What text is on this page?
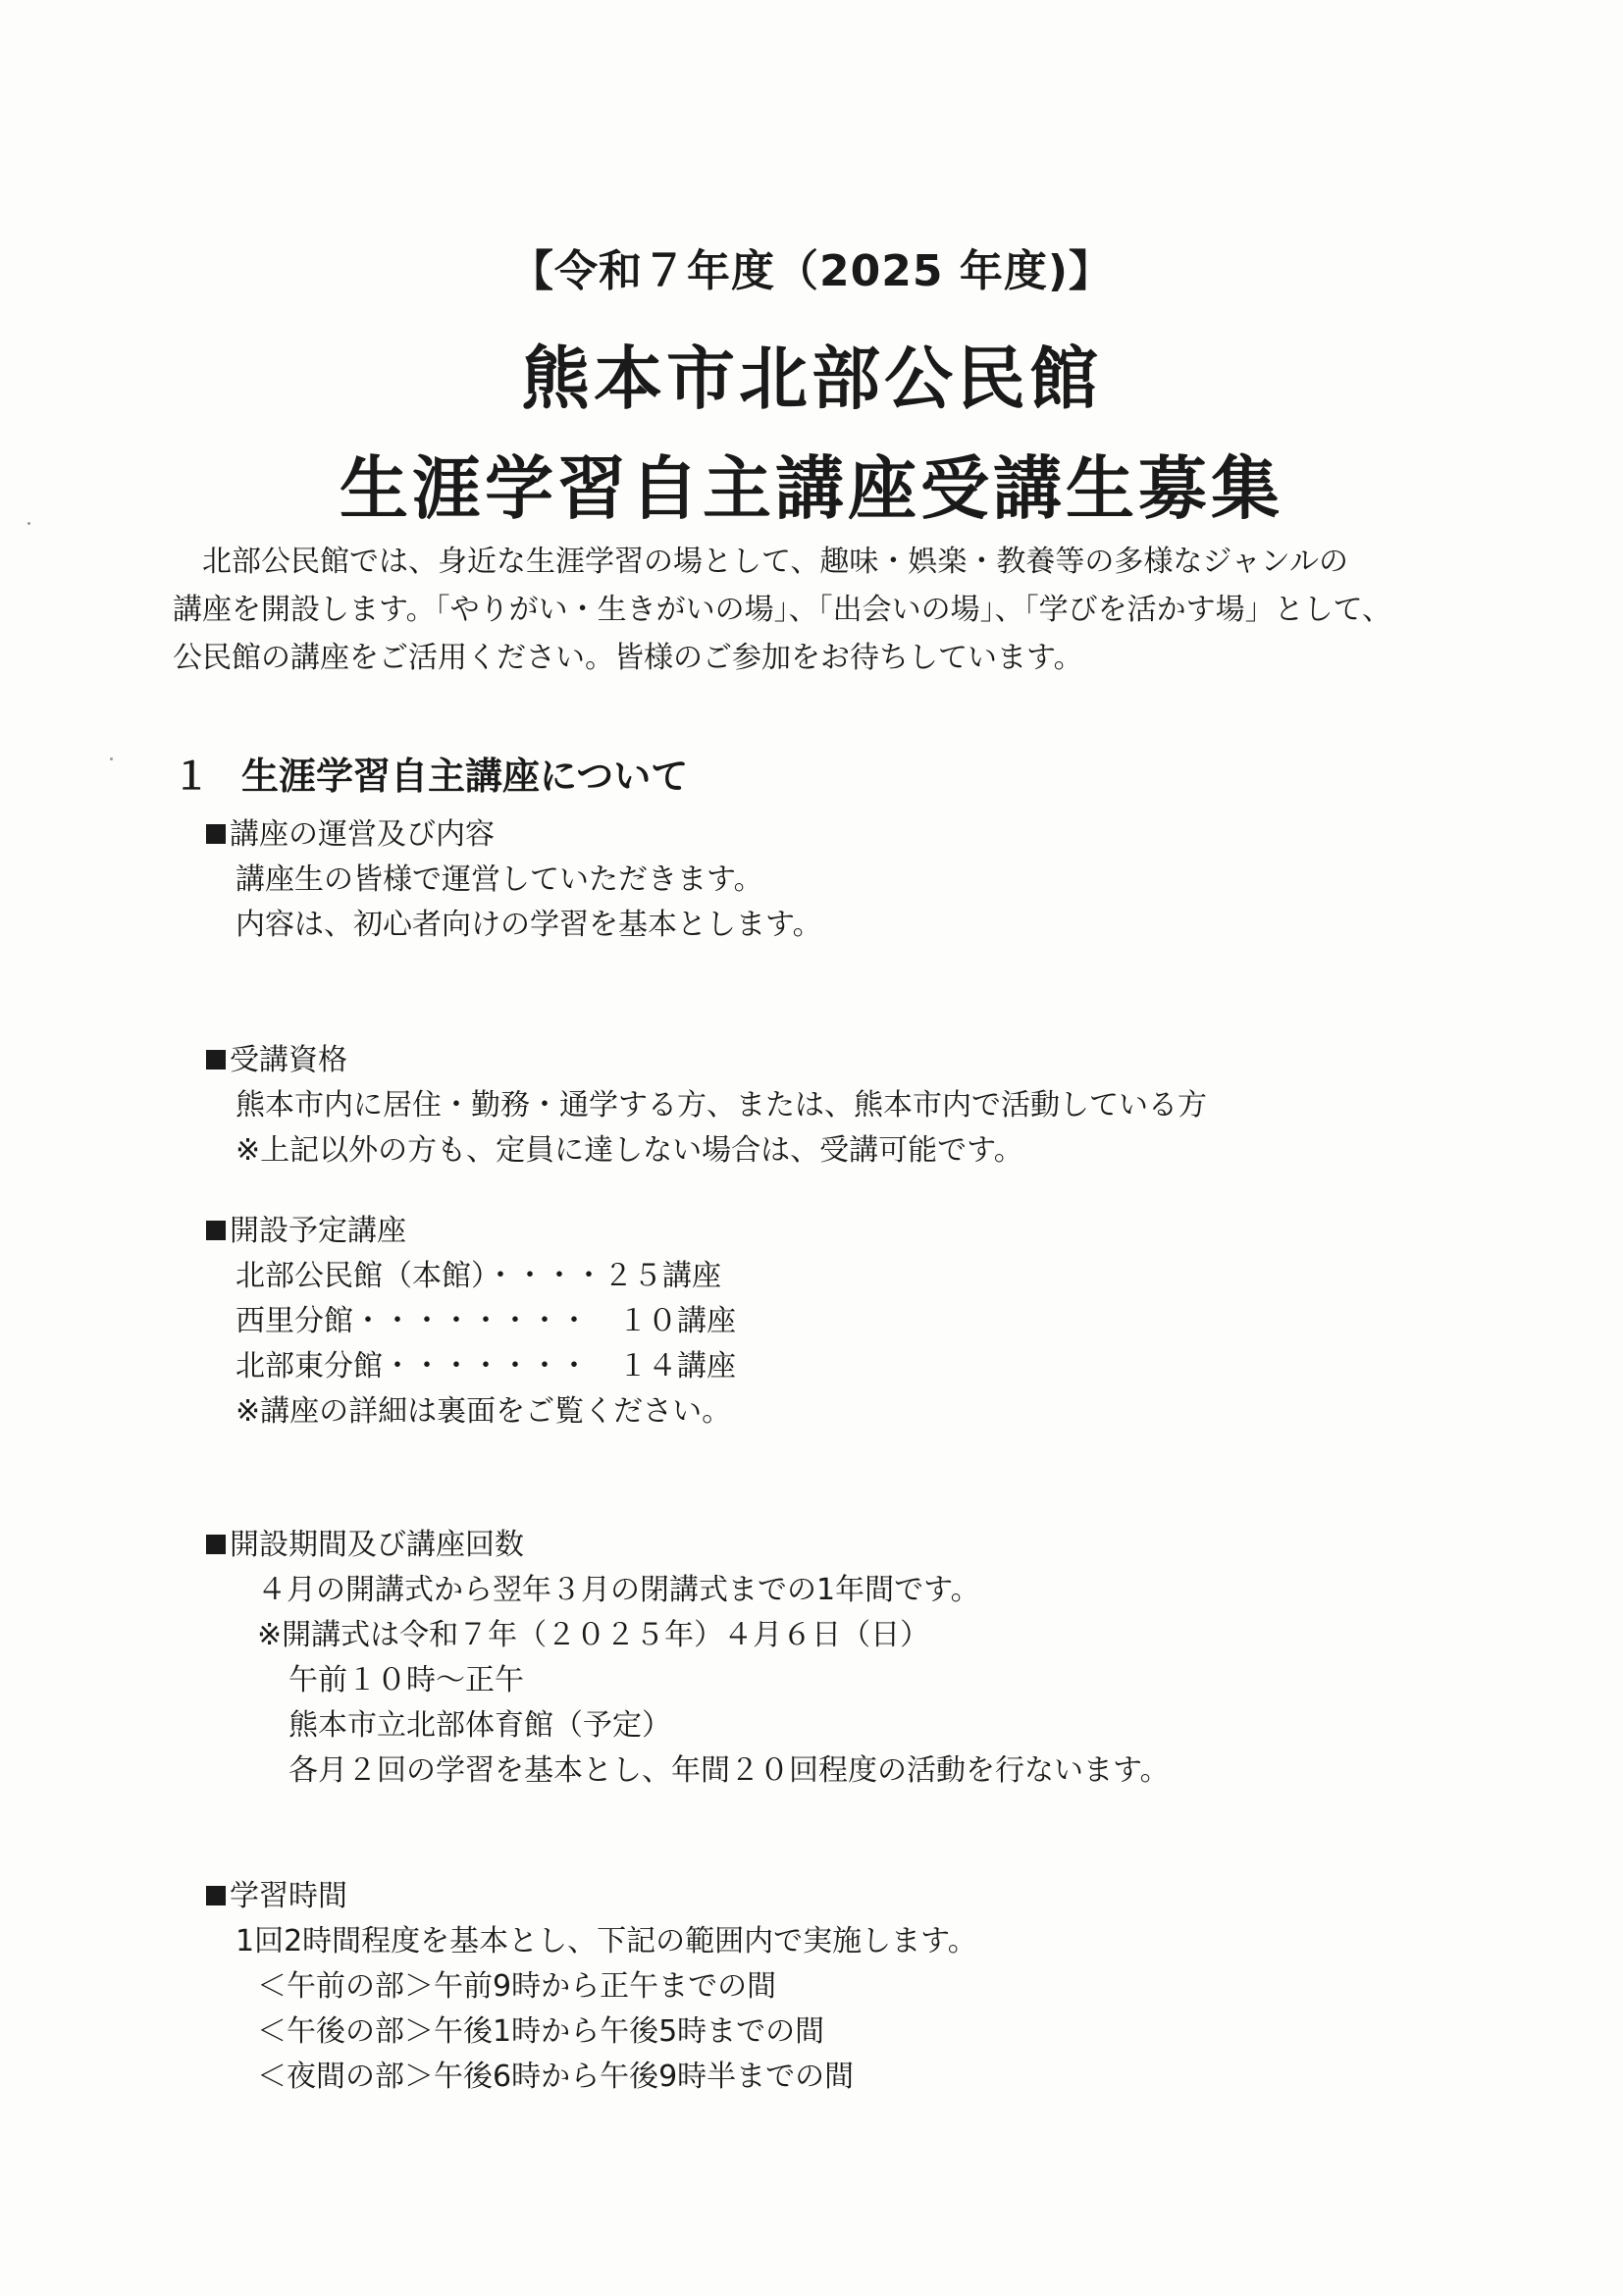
【令和７年度（2025 年度)】
熊本市北部公民館
生涯学習自主講座受講生募集

北部公民館では、身近な生涯学習の場として、趣味・娯楽・教養等の多様なジャンルの

講座を開設します。「やりがい・生きがいの場」、「出会いの場」、「学びを活かす場」として、

公民館の講座をご活用ください。皆様のご参加をお待ちしています。

１ 生涯学習自主講座について
講座の運営及び内容
講座生の皆様で運営していただきます。
内容は、初心者向けの学習を基本とします。
受講資格
熊本市内に居住・勤務・通学する方、または、熊本市内で活動している方
※上記以外の方も、定員に達しない場合は、受講可能です。
開設予定講座
北部公民館（本館）・・・・２５講座
西里分館・・・・・・・・　１０講座
北部東分館・・・・・・・　１４講座
※講座の詳細は裏面をご覧ください。
開設期間及び講座回数
４月の開講式から翌年３月の閉講式までの1年間です。
※開講式は令和７年（２０２５年）４月６日（日）
午前１０時～正午
熊本市立北部体育館（予定）
各月２回の学習を基本とし、年間２０回程度の活動を行ないます。
学習時間
1回2時間程度を基本とし、下記の範囲内で実施します。
＜午前の部＞午前9時から正午までの間
＜午後の部＞午後1時から午後5時までの間
＜夜間の部＞午後6時から午後9時半までの間
